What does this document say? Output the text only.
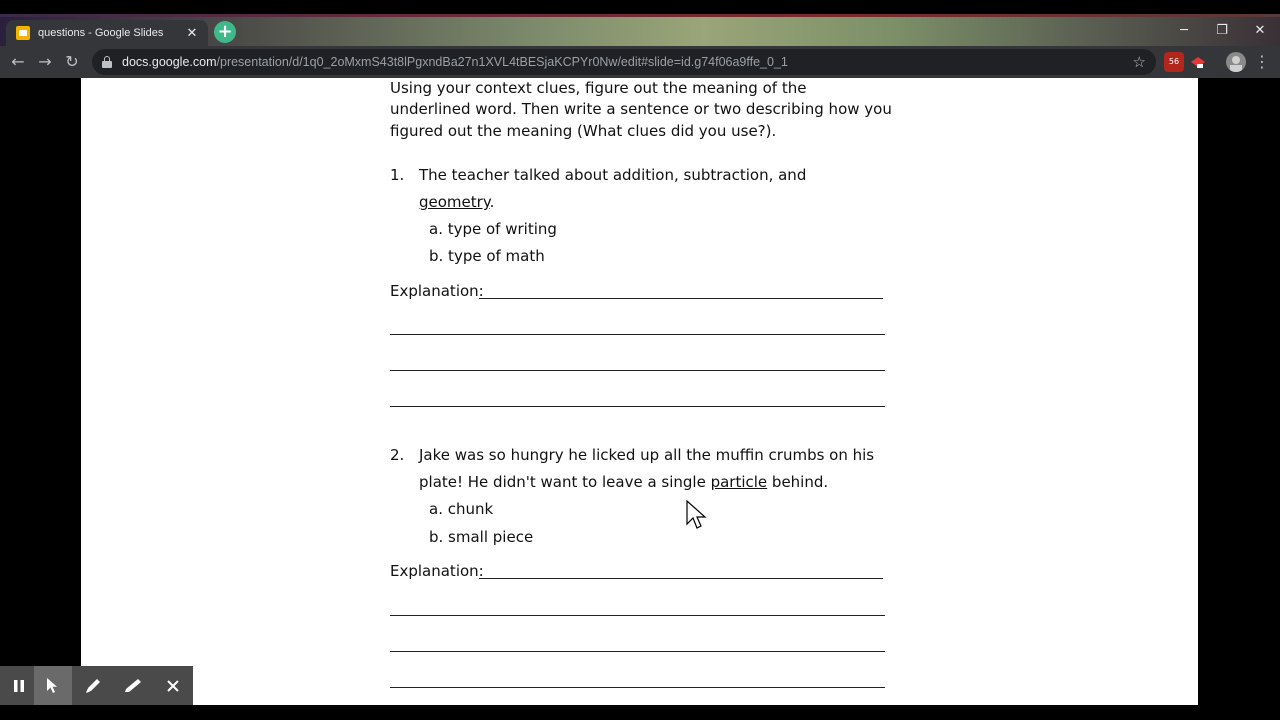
questions - Google Slides	✕ +	─	❐	✕
← → ↻	docs.google.com/presentation/d/1q0_2oMxmS43t8lPgxndBa27n1XVL4tBESjaKCPYr0Nw/edit#slide=id.g74f06a9ffe_0_1	☆	56	⋮
Using your context clues, figure out the meaning of the
underlined word. Then write a sentence or two describing how you
figured out the meaning (What clues did you use?).
1. The teacher talked about addition, subtraction, and
geometry.
a. type of writing
b. type of math
Explanation:
2. Jake was so hungry he licked up all the muffin crumbs on his
plate! He didn't want to leave a single particle behind.
a. chunk
b. small piece
Explanation:
